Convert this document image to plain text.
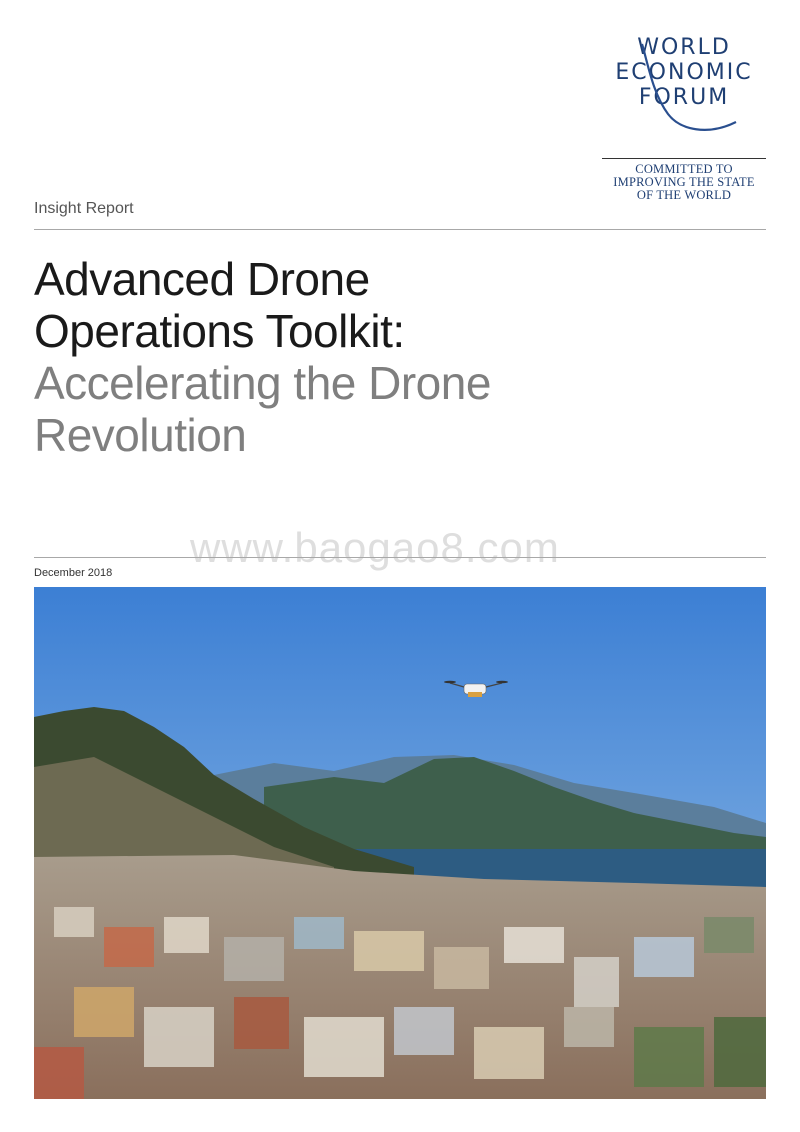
WORLD
ECONOMIC
FORUM
COMMITTED TO
IMPROVING THE STATE
OF THE WORLD
Insight Report
Advanced Drone
Operations Toolkit:
Accelerating the Drone
Revolution
www.baogao8.com
December 2018
